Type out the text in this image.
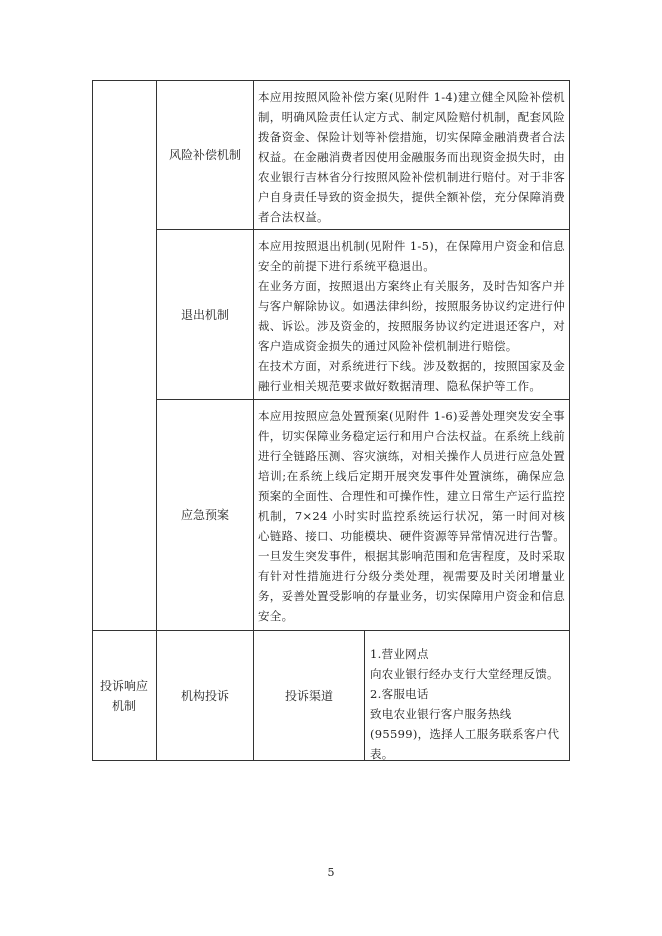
风险补偿机制

本应用按照风险补偿方案(见附件 1-4)建立健全风险补偿机制，明确风险责任认定方式、制定风险赔付机制，配套风险拨备资金、保险计划等补偿措施，切实保障金融消费者合法权益。在金融消费者因使用金融服务而出现资金损失时，由农业银行吉林省分行按照风险补偿机制进行赔付。对于非客户自身责任导致的资金损失，提供全额补偿，充分保障消费者合法权益。

退出机制

本应用按照退出机制(见附件 1-5)，在保障用户资金和信息安全的前提下进行系统平稳退出。

在业务方面，按照退出方案终止有关服务，及时告知客户并与客户解除协议。如遇法律纠纷，按照服务协议约定进行仲裁、诉讼。涉及资金的，按照服务协议约定进退还客户，对客户造成资金损失的通过风险补偿机制进行赔偿。

在技术方面，对系统进行下线。涉及数据的，按照国家及金融行业相关规范要求做好数据清理、隐私保护等工作。

应急预案

本应用按照应急处置预案(见附件 1-6)妥善处理突发安全事件，切实保障业务稳定运行和用户合法权益。在系统上线前进行全链路压测、容灾演练，对相关操作人员进行应急处置培训;在系统上线后定期开展突发事件处置演练，确保应急预案的全面性、合理性和可操作性，建立日常生产运行监控机制，7×24 小时实时监控系统运行状况，第一时间对核心链路、接口、功能模块、硬件资源等异常情况进行告警。一旦发生突发事件，根据其影响范围和危害程度，及时采取有针对性措施进行分级分类处理，视需要及时关闭增量业务，妥善处置受影响的存量业务，切实保障用户资金和信息安全。

投诉响应机制
机构投诉	投诉渠道

1.营业网点

向农业银行经办支行大堂经理反馈。

2.客服电话

致电农业银行客户服务热线(95599)，选择人工服务联系客户代表。

5
